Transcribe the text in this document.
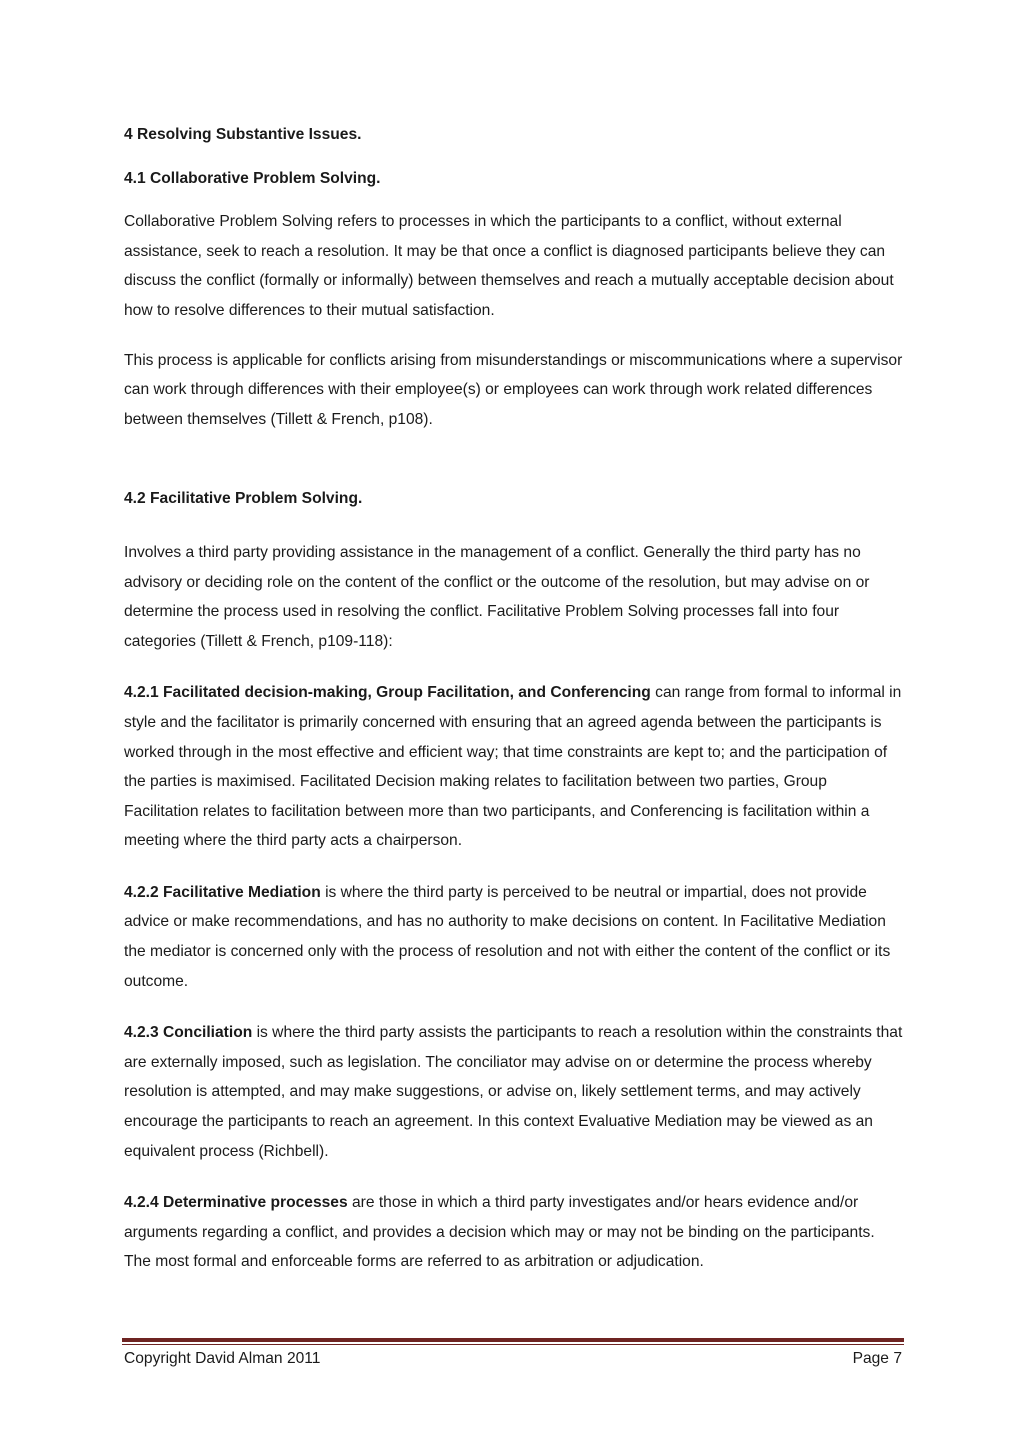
4 Resolving Substantive Issues.

4.1 Collaborative Problem Solving.

Collaborative Problem Solving refers to processes in which the participants to a conflict, without external assistance, seek to reach a resolution. It may be that once a conflict is diagnosed participants believe they can discuss the conflict (formally or informally) between themselves and reach a mutually acceptable decision about how to resolve differences to their mutual satisfaction.

This process is applicable for conflicts arising from misunderstandings or miscommunications where a supervisor can work through differences with their employee(s) or employees can work through work related differences between themselves (Tillett & French, p108).

4.2 Facilitative Problem Solving.

Involves a third party providing assistance in the management of a conflict. Generally the third party has no advisory or deciding role on the content of the conflict or the outcome of the resolution, but may advise on or determine the process used in resolving the conflict. Facilitative Problem Solving processes fall into four categories (Tillett & French, p109-118):

4.2.1 Facilitated decision-making, Group Facilitation, and Conferencing can range from formal to informal in style and the facilitator is primarily concerned with ensuring that an agreed agenda between the participants is worked through in the most effective and efficient way; that time constraints are kept to; and the participation of the parties is maximised. Facilitated Decision making relates to facilitation between two parties, Group Facilitation relates to facilitation between more than two participants, and Conferencing is facilitation within a meeting where the third party acts a chairperson.

4.2.2 Facilitative Mediation is where the third party is perceived to be neutral or impartial, does not provide advice or make recommendations, and has no authority to make decisions on content. In Facilitative Mediation the mediator is concerned only with the process of resolution and not with either the content of the conflict or its outcome.

4.2.3 Conciliation is where the third party assists the participants to reach a resolution within the constraints that are externally imposed, such as legislation. The conciliator may advise on or determine the process whereby resolution is attempted, and may make suggestions, or advise on, likely settlement terms, and may actively encourage the participants to reach an agreement. In this context Evaluative Mediation may be viewed as an equivalent process (Richbell).

4.2.4 Determinative processes are those in which a third party investigates and/or hears evidence and/or arguments regarding a conflict, and provides a decision which may or may not be binding on the participants. The most formal and enforceable forms are referred to as arbitration or adjudication.

Copyright David Alman 2011	Page 7
